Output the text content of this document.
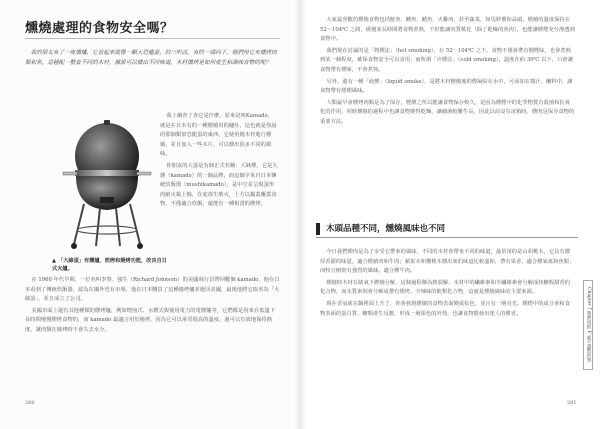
燻燒處理的食物安全嗎？

我的朋友有了一座燻爐，它看起來就像一顆大恐龍蛋，約三呎高，有的一端向下，她們用它來燻烤肉類和魚，這種配一整套不同的木材，據說可以燻出不同味道，木材燻烤是如何產生和調味食物的呢？

我上網查了查它是什麼，原來是叫Kamado，就是在日本有的一種燻燒用的爐灶，這也就是你說的那個類似恐龍蛋的東西，它使用燒木材進行燻燒，並且加入一些木片，可以燻出很多不同的風味。

你朋友的大蛋是有個正式名稱：大缽燻，它是大燻（kamado）的一個品牌，而這個字來自日本傳統炊飯器（mushikamado），是中空並呈現蛋形的耐火黏土燒，在底部生柴火，上方以鍋蓋覆蓋食物，不僅適合炊飯，還能有一種相當的燻烤。

▲ 「大綠蛋」有燻爐、煎烤和燒烤功能，改良自日式火爐。

在 1960 年代早期，一位名叫李察．強生（Richard Johnson）的美國飛行員帶回數個 kamado，他在日本看到了傳統炊飯器，認為在國外也有市場，他在日本購買了這種燒烤爐並運回美國，最後他將它取名為「大綠蛋」，並且成立了公司。

美國市面上還有其他種類的燻烤爐，例如煙囪式、水燻式與使用電力的電燻爐等，它們都是用來在低溫下長時間慢慢燻烤食物的，而 kamado 最適合用於燒烤，因為它可以承受很高的溫度，還可以有效地保持熱度，讓肉類在燒烤時不會失去水分。

280

大家最喜歡的燻燒食物包括鮭魚、鱒魚、鯖魚、火雞肉、甚至蔬菜，如馬鈴薯和蒜頭。燻燒的溫度保持在 52〜104℃ 之間，緩慢並長時間將食物煮熟，不但能讓肉質軟化（除了乾燥的魚肉），也能讓燻煙充分滲透到食物中。

我們現在討論的是「熱燻法」（hot smoking），在 52〜104℃ 之下，食物不僅會帶有燻煙味，也會煮熟到某一個程度，確保食物安全可以食用；而所謂「冷燻法」（cold smoking），溫度在約 30℃ 以下，只會讓食物帶有燻味，不會煮熟。

另外，還有一種「液燻」（liquid smoke），是將木材燃燒後的煙凝結在水中，可添加在醬汁、醃料中，讓食物帶有煙燻風味。

人類最早會燻烤肉類是為了保存，煙燻之所以能讓食物保存較久，是因為燻煙中的化學物質有殺菌和抗氧化的作用，同時燻燒的過程中也讓食物變得乾燥，讓細菌較難生長，因此以前沒有冰箱時，燻肉是保存食物的重要方法。

木頭品種不同，燻燒風味也不同

今日我們燻肉是為了享受它帶來的風味，不同的木材會帶來不同的味道，最常用的是山胡桃木，它具有濃厚香甜的味道，適合燻豬肉和牛肉；蘋果木和櫻桃木燻出來的味道比較溫和，帶有果香，適合燻家禽和魚類；而牧豆樹則有強烈的風味，適合燻牛肉。

燻燒時木材在缺氧下燃燒分解，這個過程稱為熱裂解，木材中的纖維素和半纖維素會分解成焦糖般甜香的化合物，而木質素則會分解成帶有燻烤、辛辣味的酚類化合物，這就是燻燒風味的主要來源。

現在香氣就在鍋裡面上升了，你會發現燻燒的食物表面變成棕色，並且有一層亮光。燻煙中的成分會和食物表面的蛋白質、糖類產生反應，形成一層深色的外殼，也讓食物散發出迷人的燻香。	Chapter 7 我們用的 F 或不盡然的事
281
